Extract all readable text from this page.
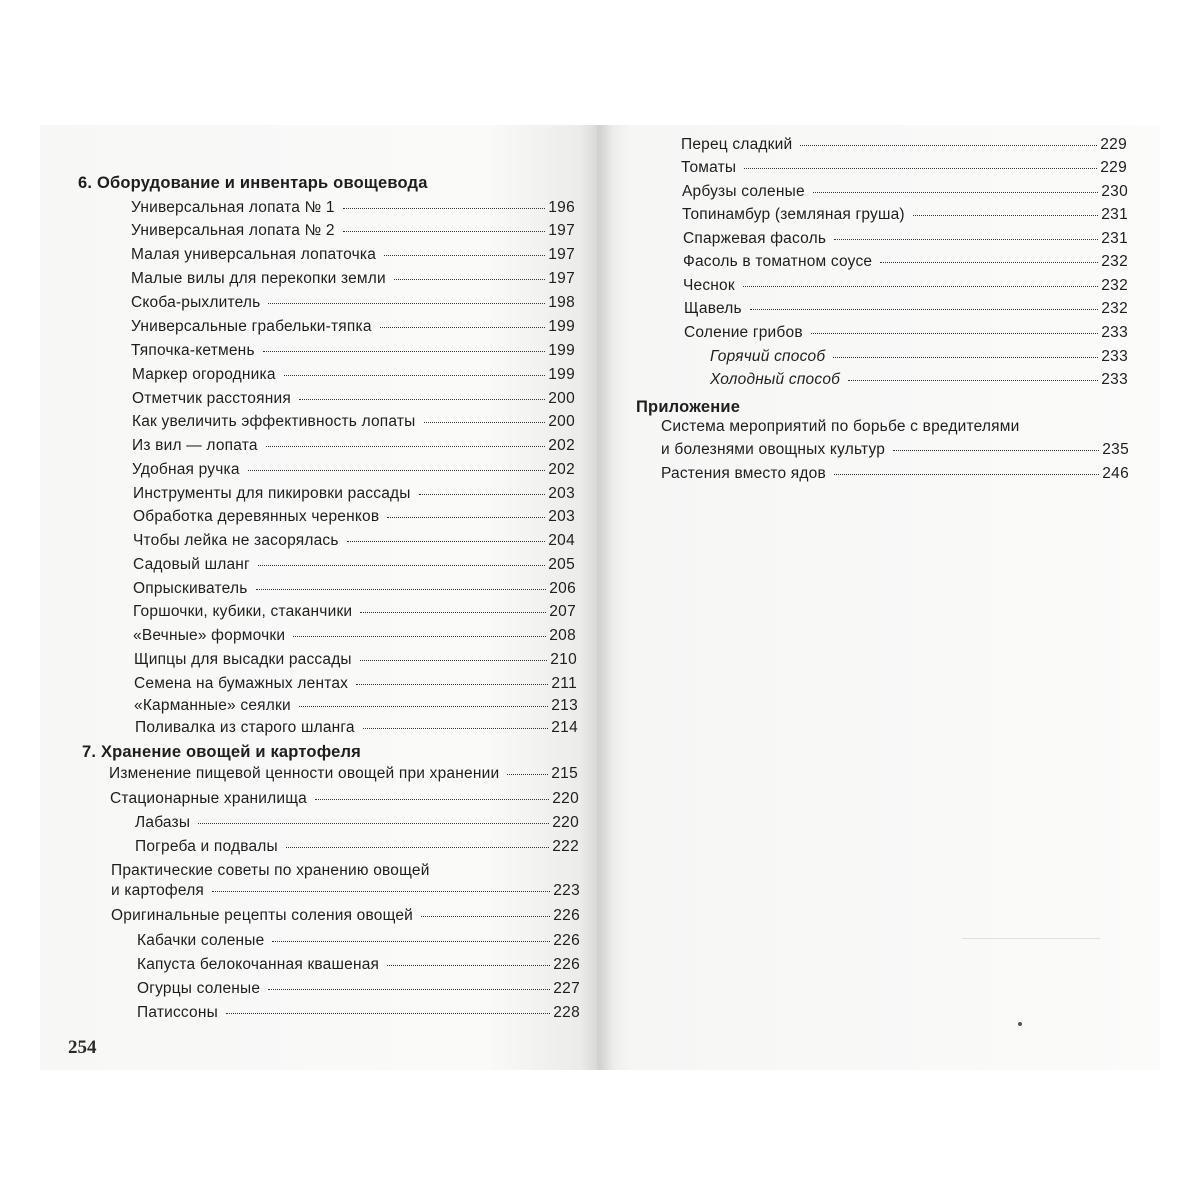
6. Оборудование и инвентарь овощевода
Универсальная лопата № 1	196
Универсальная лопата № 2	197
Малая универсальная лопаточка	197
Малые вилы для перекопки земли	197
Скоба-рыхлитель	198
Универсальные грабельки-тяпка	199
Тяпочка-кетмень	199
Маркер огородника	199
Отметчик расстояния	200
Как увеличить эффективность лопаты	200
Из вил — лопата	202
Удобная ручка	202
Инструменты для пикировки рассады	203
Обработка деревянных черенков	203
Чтобы лейка не засорялась	204
Садовый шланг	205
Опрыскиватель	206
Горшочки, кубики, стаканчики	207
«Вечные» формочки	208
Щипцы для высадки рассады	210
Семена на бумажных лентах	211
«Карманные» сеялки	213
Поливалка из старого шланга	214
7. Хранение овощей и картофеля
Изменение пищевой ценности овощей при хранении	215
Стационарные хранилища	220
Лабазы	220
Погреба и подвалы	222
Практические советы по хранению овощей
и картофеля	223
Оригинальные рецепты соления овощей	226
Кабачки соленые	226
Капуста белокочанная квашеная	226
Огурцы соленые	227
Патиссоны	228
254
Перец сладкий	229
Томаты	229
Арбузы соленые	230
Топинамбур (земляная груша)	231
Спаржевая фасоль	231
Фасоль в томатном соусе	232
Чеснок	232
Щавель	232
Соление грибов	233
Горячий способ	233
Холодный способ	233
Приложение
Система мероприятий по борьбе с вредителями
и болезнями овощных культур	235
Растения вместо ядов	246
